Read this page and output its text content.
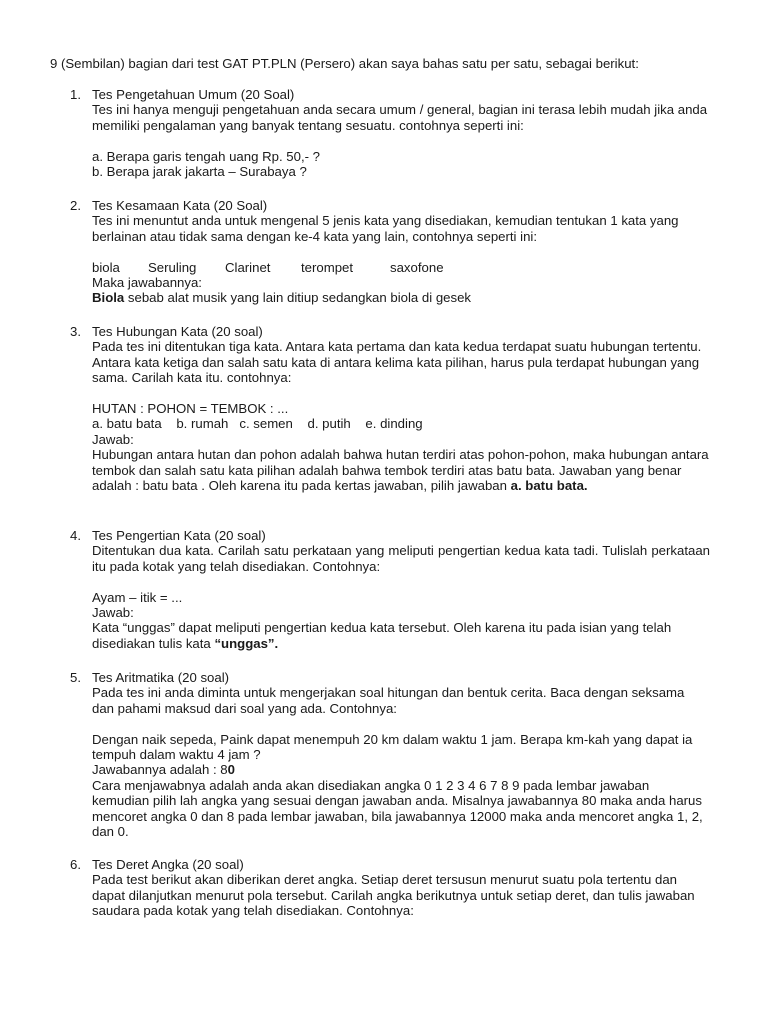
9 (Sembilan) bagian dari test GAT PT.PLN (Persero) akan saya bahas satu per satu, sebagai berikut:

1. Tes Pengetahuan Umum (20 Soal)

Tes ini hanya menguji pengetahuan anda secara umum / general, bagian ini terasa lebih mudah jika anda memiliki pengalaman yang banyak tentang sesuatu. contohnya seperti ini:

a. Berapa garis tengah uang Rp. 50,- ?

b. Berapa jarak jakarta – Surabaya ?

2. Tes Kesamaan Kata (20 Soal)

Tes ini menuntut anda untuk mengenal 5 jenis kata yang disediakan, kemudian tentukan 1 kata yang berlainan atau tidak sama dengan ke-4 kata yang lain, contohnya seperti ini:

biola Seruling Clarinet terompet	saxofone

Maka jawabannya:

Biola sebab alat musik yang lain ditiup sedangkan biola di gesek

3. Tes Hubungan Kata (20 soal)

Pada tes ini ditentukan tiga kata. Antara kata pertama dan kata kedua terdapat suatu hubungan tertentu. Antara kata ketiga dan salah satu kata di antara kelima kata pilihan, harus pula terdapat hubungan yang sama. Carilah kata itu. contohnya:

HUTAN : POHON = TEMBOK : ...

a. batu bata    b. rumah   c. semen    d. putih    e. dinding

Jawab:

Hubungan antara hutan dan pohon adalah bahwa hutan terdiri atas pohon-pohon, maka hubungan antara tembok dan salah satu kata pilihan adalah bahwa tembok terdiri atas batu bata. Jawaban yang benar adalah : batu bata . Oleh karena itu pada kertas jawaban, pilih jawaban a. batu bata.

4. Tes Pengertian Kata (20 soal)

Ditentukan dua kata. Carilah satu perkataan yang meliputi pengertian kedua kata tadi. Tulislah perkataan itu pada kotak yang telah disediakan. Contohnya:

Ayam – itik = ...

Jawab:

Kata “unggas” dapat meliputi pengertian kedua kata tersebut. Oleh karena itu pada isian yang telah disediakan tulis kata “unggas”.

5. Tes Aritmatika (20 soal)

Pada tes ini anda diminta untuk mengerjakan soal hitungan dan bentuk cerita. Baca dengan seksama dan pahami maksud dari soal yang ada. Contohnya:

Dengan naik sepeda, Paink dapat menempuh 20 km dalam waktu 1 jam. Berapa km-kah yang dapat ia tempuh dalam waktu 4 jam ?

Jawabannya adalah : 80

Cara menjawabnya adalah anda akan disediakan angka 0 1 2 3 4 6 7 8 9 pada lembar jawaban kemudian pilih lah angka yang sesuai dengan jawaban anda. Misalnya jawabannya 80 maka anda harus mencoret angka 0 dan 8 pada lembar jawaban, bila jawabannya 12000 maka anda mencoret angka 1, 2, dan 0.

6. Tes Deret Angka (20 soal)

Pada test berikut akan diberikan deret angka. Setiap deret tersusun menurut suatu pola tertentu dan dapat dilanjutkan menurut pola tersebut. Carilah angka berikutnya untuk setiap deret, dan tulis jawaban saudara pada kotak yang telah disediakan. Contohnya:
